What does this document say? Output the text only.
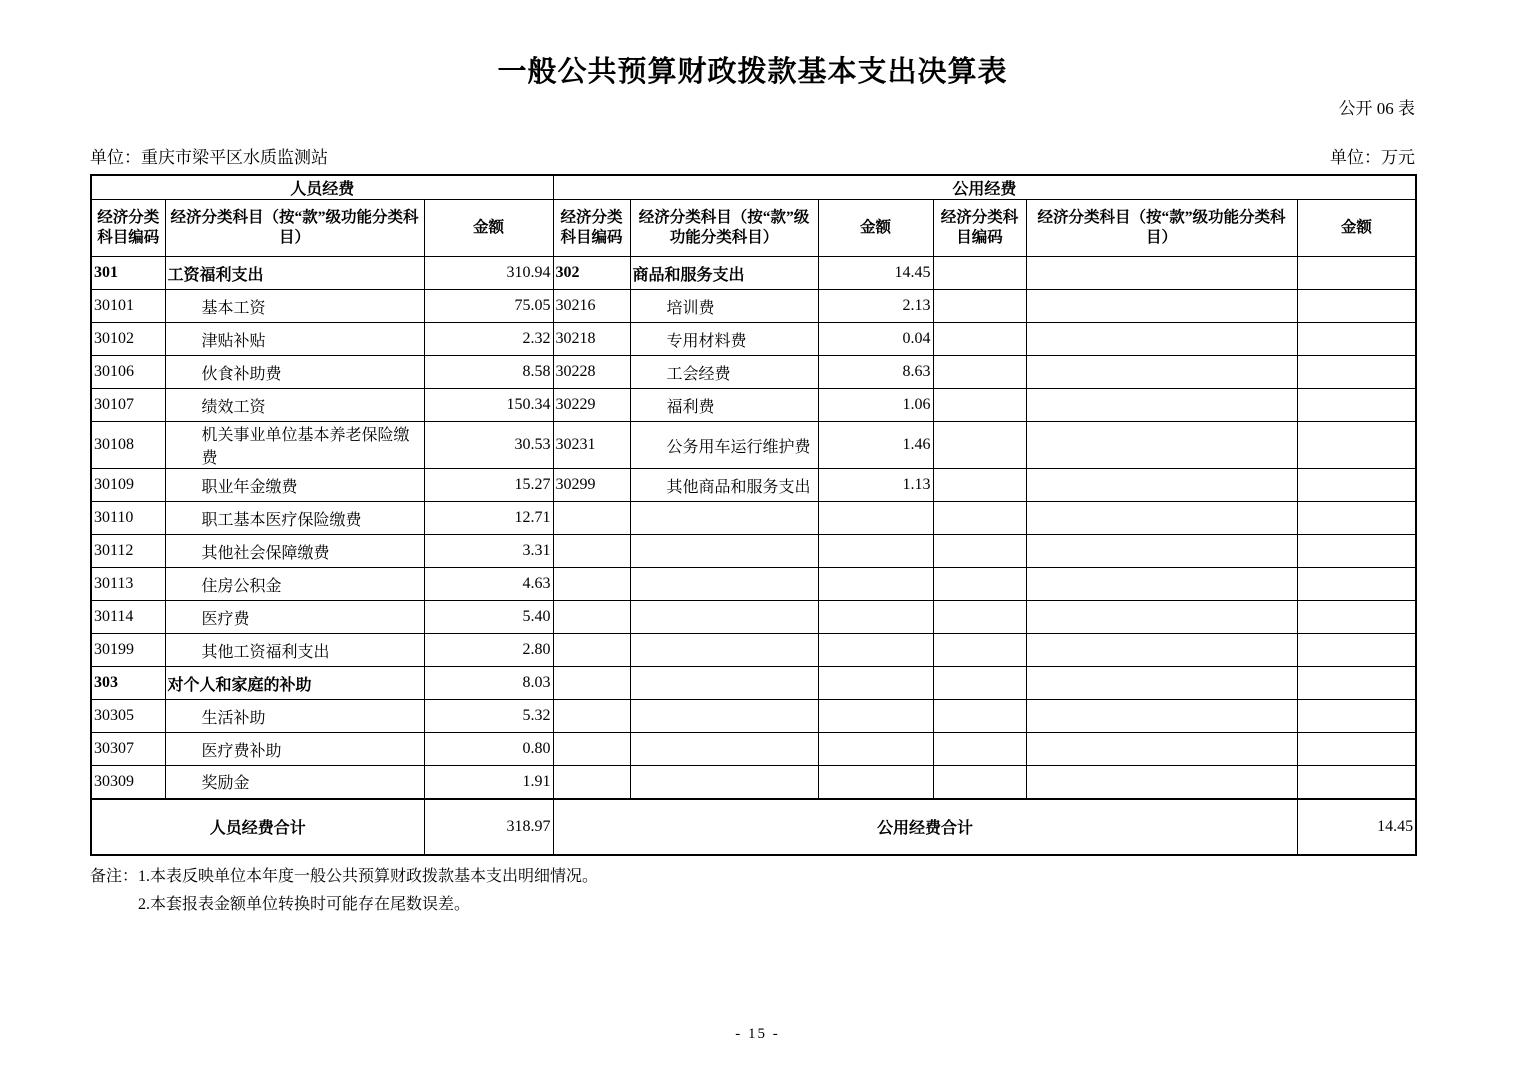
一般公共预算财政拨款基本支出决算表
公开 06 表
单位：重庆市梁平区水质监测站	单位：万元
人员经费			公用经费					
经济分类科目编码	经济分类科目（按“款”级功能分类科目）	金额	经济分类科目编码	经济分类科目（按“款”级功能分类科目）	金额	经济分类科目编码	经济分类科目（按“款”级功能分类科目）	金额
301	工资福利支出	310.94	302	商品和服务支出	14.45			
30101	基本工资	75.05	30216	培训费	2.13			
30102	津贴补贴	2.32	30218	专用材料费	0.04			
30106	伙食补助费	8.58	30228	工会经费	8.63			
30107	绩效工资	150.34	30229	福利费	1.06			
30108	机关事业单位基本养老保险缴费	30.53	30231	公务用车运行维护费	1.46			
30109	职业年金缴费	15.27	30299	其他商品和服务支出	1.13			
30110	职工基本医疗保险缴费	12.71						
30112	其他社会保障缴费	3.31						
30113	住房公积金	4.63						
30114	医疗费	5.40						
30199	其他工资福利支出	2.80						
303	对个人和家庭的补助	8.03						
30305	生活补助	5.32						
30307	医疗费补助	0.80						
30309	奖励金	1.91						
人员经费合计		318.97	公用经费合计					14.45
备注： 1.本表反映单位本年度一般公共预算财政拨款基本支出明细情况。
2.本套报表金额单位转换时可能存在尾数误差。
- 15 -
